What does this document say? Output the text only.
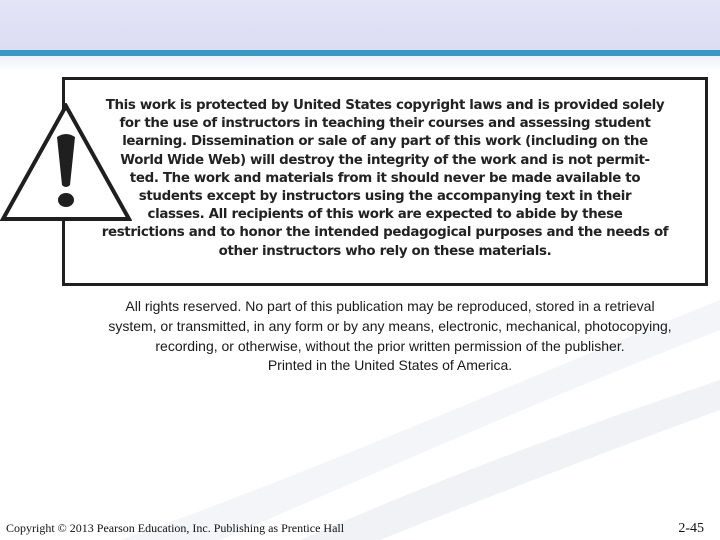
This work is protected by United States copyright laws and is provided solely
for the use of instructors in teaching their courses and assessing student
learning. Dissemination or sale of any part of this work (including on the
World Wide Web) will destroy the integrity of the work and is not permit-
ted. The work and materials from it should never be made available to
students except by instructors using the accompanying text in their
classes. All recipients of this work are expected to abide by these
restrictions and to honor the intended pedagogical purposes and the needs of
other instructors who rely on these materials.

All rights reserved. No part of this publication may be reproduced, stored in a retrieval
system, or transmitted, in any form or by any means, electronic, mechanical, photocopying,
recording, or otherwise, without the prior written permission of the publisher.
Printed in the United States of America.
Copyright © 2013 Pearson Education, Inc. Publishing as Prentice Hall	2-45
